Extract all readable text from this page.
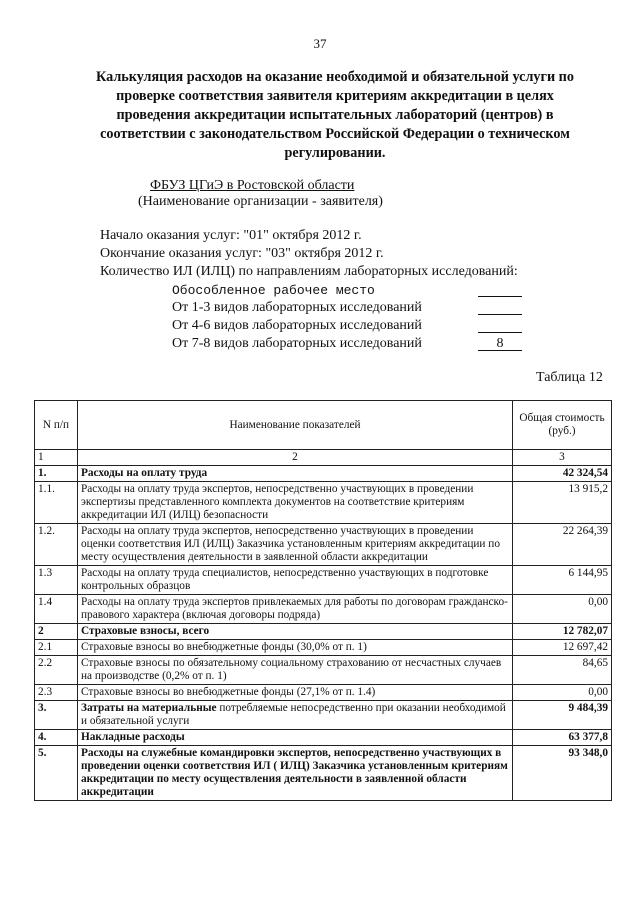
37
Калькуляция расходов на оказание необходимой и обязательной услуги по проверке соответствия заявителя критериям аккредитации в целях проведения аккредитации испытательных лабораторий (центров) в соответствии с законодательством Российской Федерации о техническом регулировании.
ФБУЗ ЦГиЭ в Ростовской области
(Наименование организации - заявителя)
Начало оказания услуг: "01" октября 2012 г.
Окончание оказания услуг: "03" октября 2012 г.
Количество ИЛ (ИЛЦ) по направлениям лабораторных исследований:
Обособленное рабочее место
От 1-3 видов лабораторных исследований
От 4-6 видов лабораторных исследований
От 7-8 видов лабораторных исследований	8
Таблица 12
N п/п	Наименование показателей	Общая стоимость (руб.)
1	2	3
1.	Расходы на оплату труда	42 324,54
1.1.	Расходы на оплату труда экспертов, непосредственно участвующих в проведении экспертизы представленного комплекта документов на соответствие критериям аккредитации ИЛ (ИЛЦ) безопасности	13 915,2
1.2.	Расходы на оплату труда экспертов, непосредственно участвующих в проведении оценки соответствия ИЛ (ИЛЦ) Заказчика установленным критериям аккредитации по месту осуществления деятельности в заявленной области аккредитации	22 264,39
1.3	Расходы на оплату труда специалистов, непосредственно участвующих в подготовке контрольных образцов	6 144,95
1.4	Расходы на оплату труда экспертов привлекаемых для работы по договорам гражданско-правового характера (включая договоры подряда)	0,00
2	Страховые взносы, всего	12 782,07
2.1	Страховые взносы во внебюджетные фонды (30,0% от п. 1)	12 697,42
2.2	Страховые взносы по обязательному социальному страхованию от несчастных случаев на производстве (0,2% от п. 1)	84,65
2.3	Страховые взносы во внебюджетные фонды (27,1% от п. 1.4)	0,00
3.	Затраты на материальные потребляемые непосредственно при оказании необходимой и обязательной услуги	9 484,39
4.	Накладные расходы	63 377,8
5.	Расходы на служебные командировки экспертов, непосредственно участвующих в проведении оценки соответствия ИЛ ( ИЛЦ) Заказчика установленным критериям аккредитации по месту осуществления деятельности в заявленной области аккредитации	93 348,0
